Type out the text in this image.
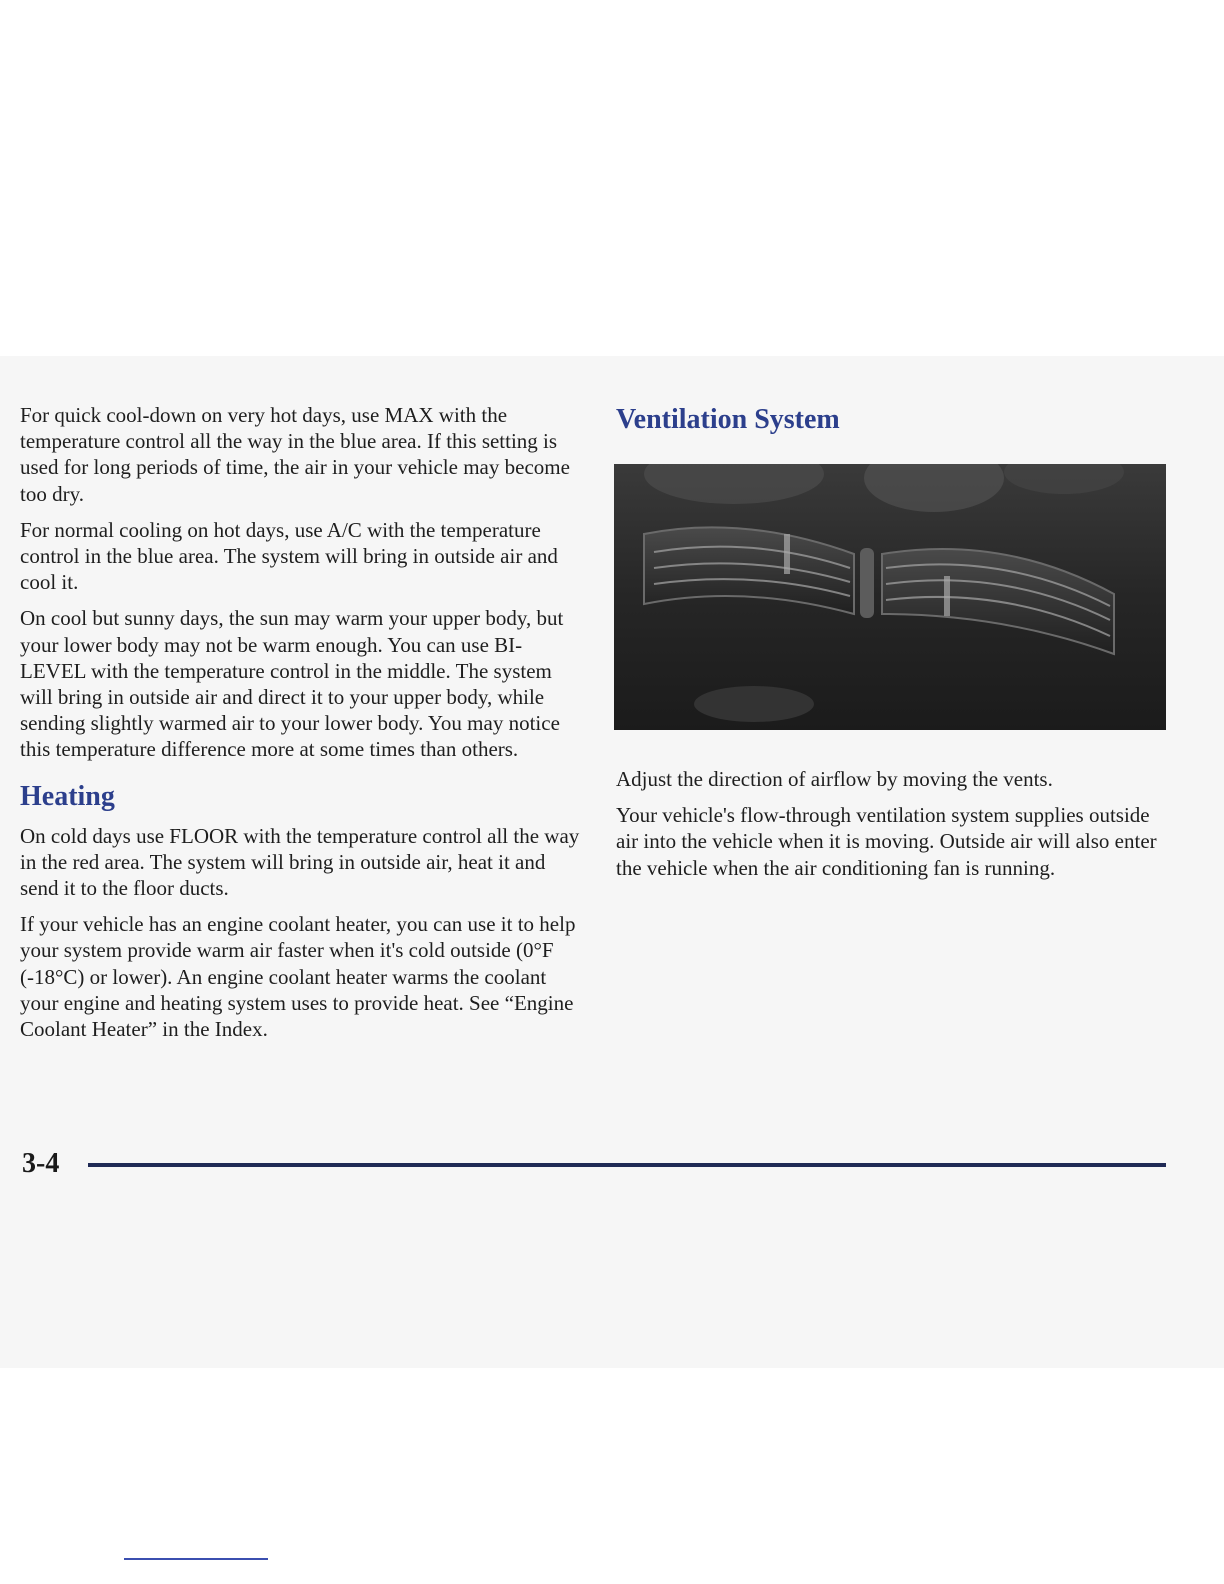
For quick cool-down on very hot days, use MAX with the temperature control all the way in the blue area. If this setting is used for long periods of time, the air in your vehicle may become too dry.

For normal cooling on hot days, use A/C with the temperature control in the blue area. The system will bring in outside air and cool it.

On cool but sunny days, the sun may warm your upper body, but your lower body may not be warm enough. You can use BI-LEVEL with the temperature control in the middle. The system will bring in outside air and direct it to your upper body, while sending slightly warmed air to your lower body. You may notice this temperature difference more at some times than others.

Heating

On cold days use FLOOR with the temperature control all the way in the red area. The system will bring in outside air, heat it and send it to the floor ducts.

If your vehicle has an engine coolant heater, you can use it to help your system provide warm air faster when it's cold outside (0°F (-18°C) or lower). An engine coolant heater warms the coolant your engine and heating system uses to provide heat. See “Engine Coolant Heater” in the Index.

Ventilation System

Adjust the direction of airflow by moving the vents.

Your vehicle's flow-through ventilation system supplies outside air into the vehicle when it is moving. Outside air will also enter the vehicle when the air conditioning fan is running.

3-4
